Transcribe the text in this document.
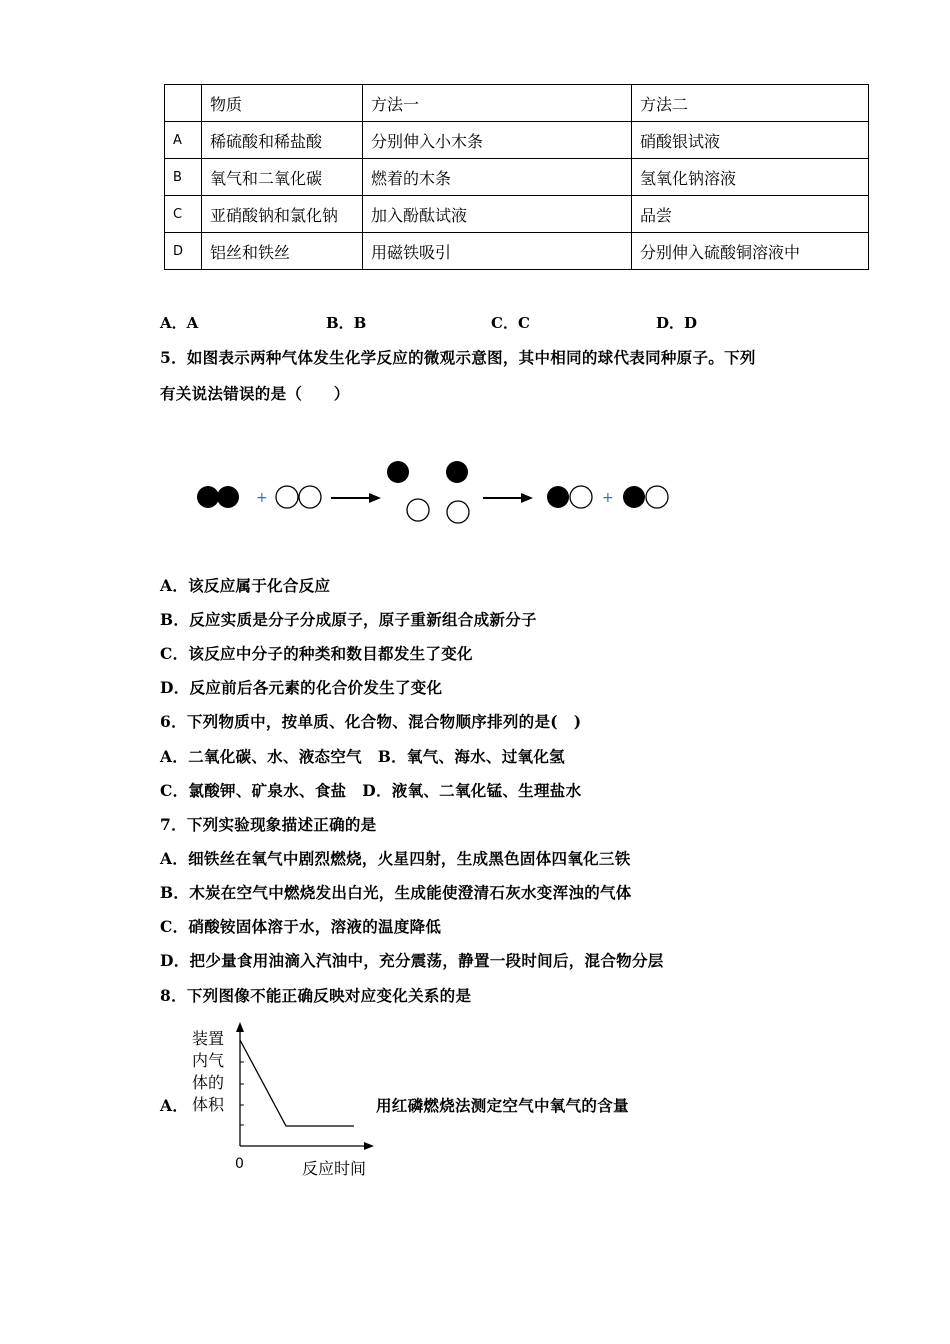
	物质	方法一	方法二
A	稀硫酸和稀盐酸	分别伸入小木条	硝酸银试液
B	氧气和二氧化碳	燃着的木条	氢氧化钠溶液
C	亚硝酸钠和氯化钠	加入酚酞试液	品尝
D	铝丝和铁丝	用磁铁吸引	分别伸入硫酸铜溶液中
A．A	B．B	C．C	D．D
5．如图表示两种气体发生化学反应的微观示意图，其中相同的球代表同种原子。下列
有关说法错误的是（　　）
+	+
A．该反应属于化合反应
B．反应实质是分子分成原子，原子重新组合成新分子
C．该反应中分子的种类和数目都发生了变化
D．反应前后各元素的化合价发生了变化
6．下列物质中，按单质、化合物、混合物顺序排列的是(　)
A．二氧化碳、水、液态空气　B．氧气、海水、过氧化氢
C．氯酸钾、矿泉水、食盐　D．液氧、二氧化锰、生理盐水
7．下列实验现象描述正确的是
A．细铁丝在氧气中剧烈燃烧，火星四射，生成黑色固体四氧化三铁
B．木炭在空气中燃烧发出白光，生成能使澄清石灰水变浑浊的气体
C．硝酸铵固体溶于水，溶液的温度降低
D．把少量食用油滴入汽油中，充分震荡，静置一段时间后，混合物分层
8．下列图像不能正确反映对应变化关系的是
A．	用红磷燃烧法测定空气中氧气的含量
装置
内气
体的
体积
0	反应时间
